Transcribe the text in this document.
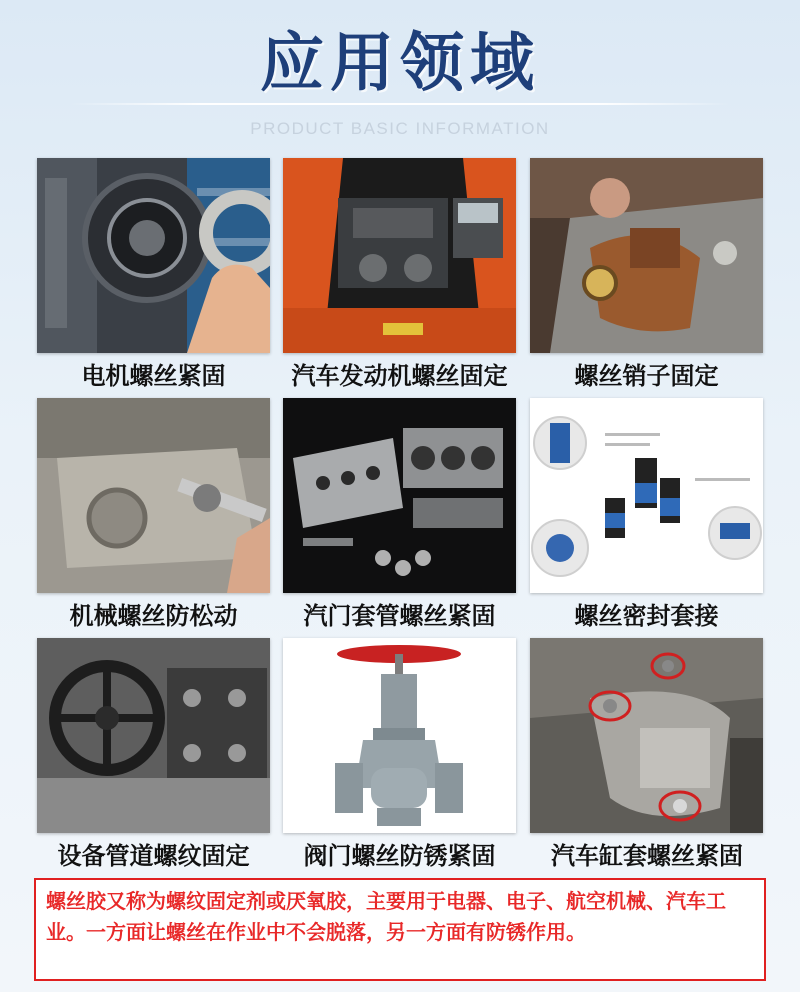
应用领域
PRODUCT BASIC INFORMATION
电机螺丝紧固	汽车发动机螺丝固定	螺丝销子固定
机械螺丝防松动	汽门套管螺丝紧固	螺丝密封套接
设备管道螺纹固定	阀门螺丝防锈紧固	汽车缸套螺丝紧固
螺丝胶又称为螺纹固定剂或厌氧胶，主要用于电器、电子、航空机械、汽车工业。一方面让螺丝在作业中不会脱落，另一方面有防锈作用。
